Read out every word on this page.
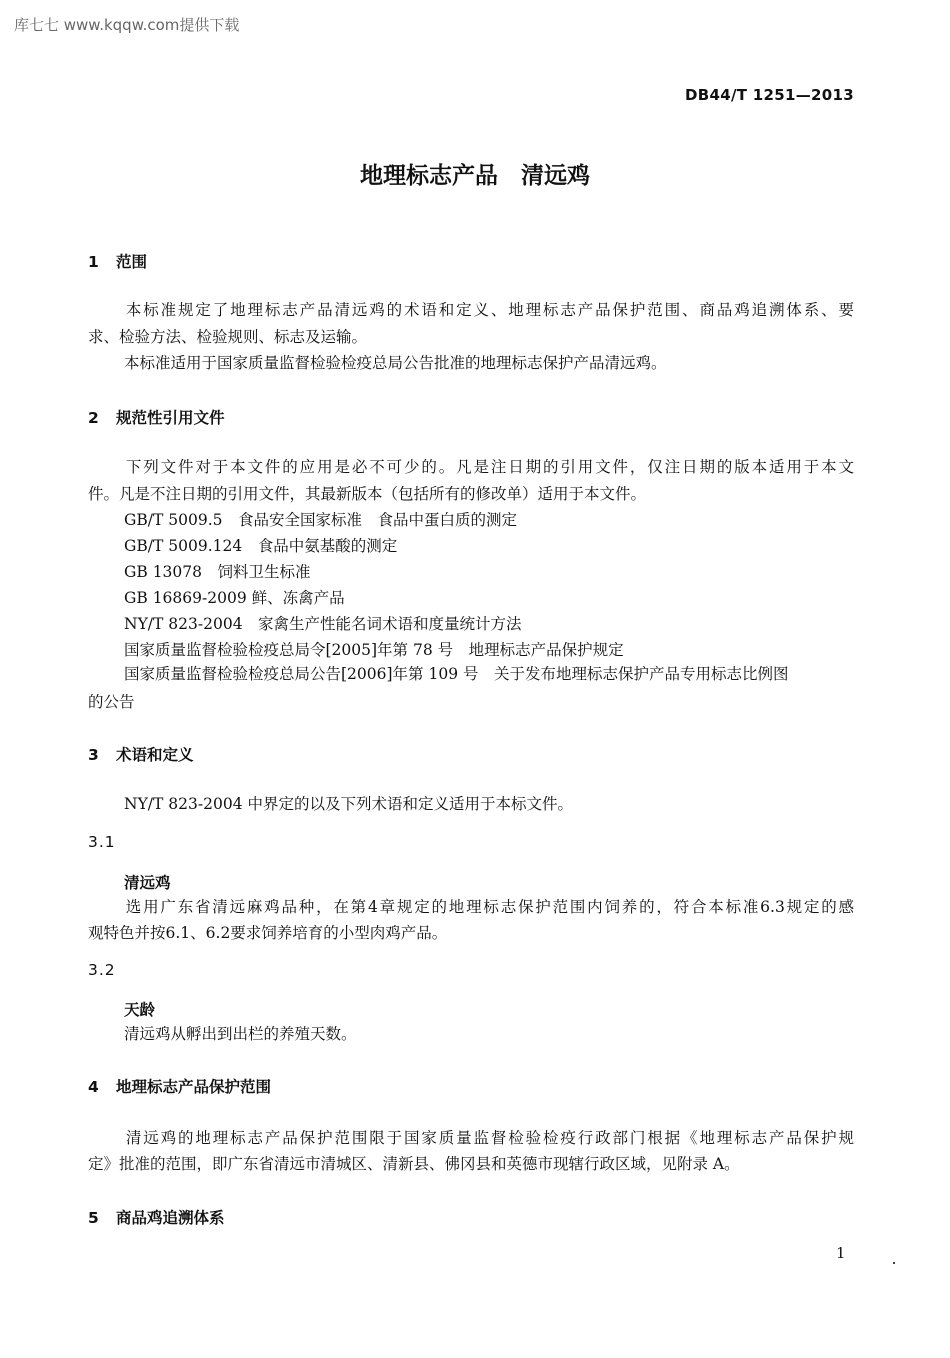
库七七 www.kqqw.com提供下载
DB44/T 1251—2013
地理标志产品　清远鸡
1 范围
本标准规定了地理标志产品清远鸡的术语和定义、地理标志产品保护范围、商品鸡追溯体系、要
求、检验方法、检验规则、标志及运输。
本标准适用于国家质量监督检验检疫总局公告批准的地理标志保护产品清远鸡。
2 规范性引用文件
下列文件对于本文件的应用是必不可少的。凡是注日期的引用文件，仅注日期的版本适用于本文
件。凡是不注日期的引用文件，其最新版本（包括所有的修改单）适用于本文件。
GB/T 5009.5　食品安全国家标准　食品中蛋白质的测定
GB/T 5009.124　食品中氨基酸的测定
GB 13078　饲料卫生标准
GB 16869-2009 鲜、冻禽产品
NY/T 823-2004　家禽生产性能名词术语和度量统计方法
国家质量监督检验检疫总局令[2005]年第 78 号　地理标志产品保护规定
国家质量监督检验检疫总局公告[2006]年第 109 号　关于发布地理标志保护产品专用标志比例图
的公告
3 术语和定义
NY/T 823-2004 中界定的以及下列术语和定义适用于本标文件。
3.1
清远鸡
选用广东省清远麻鸡品种，在第4章规定的地理标志保护范围内饲养的，符合本标准6.3规定的感
观特色并按6.1、6.2要求饲养培育的小型肉鸡产品。
3.2
天龄
清远鸡从孵出到出栏的养殖天数。
4 地理标志产品保护范围
清远鸡的地理标志产品保护范围限于国家质量监督检验检疫行政部门根据《地理标志产品保护规
定》批准的范围，即广东省清远市清城区、清新县、佛冈县和英德市现辖行政区域，见附录 A。
5 商品鸡追溯体系
1
